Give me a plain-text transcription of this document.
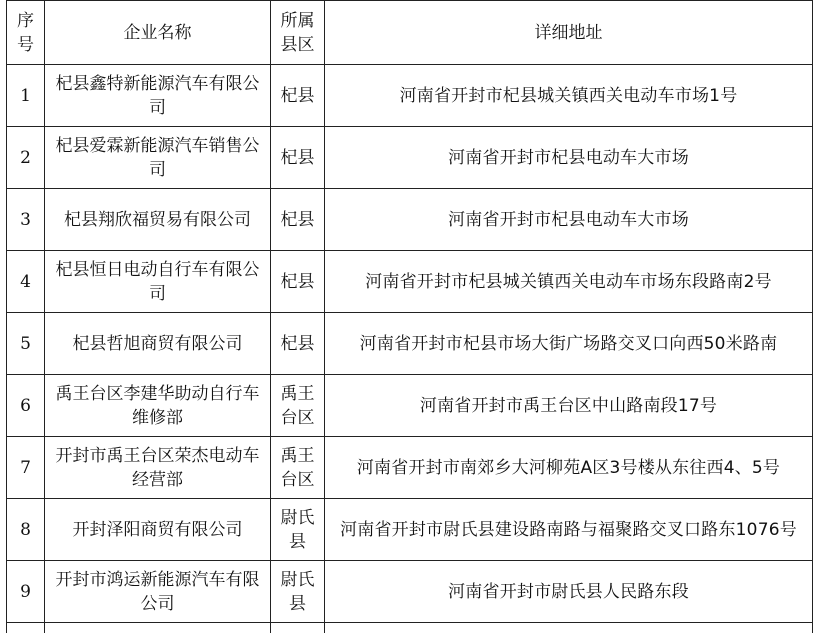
序号	企业名称	所属县区	详细地址
1	杞县鑫特新能源汽车有限公司	杞县	河南省开封市杞县城关镇西关电动车市场1号
2	杞县爱霖新能源汽车销售公司	杞县	河南省开封市杞县电动车大市场
3	杞县翔欣福贸易有限公司	杞县	河南省开封市杞县电动车大市场
4	杞县恒日电动自行车有限公司	杞县	河南省开封市杞县城关镇西关电动车市场东段路南2号
5	杞县哲旭商贸有限公司	杞县	河南省开封市杞县市场大街广场路交叉口向西50米路南
6	禹王台区李建华助动自行车维修部	禹王台区	河南省开封市禹王台区中山路南段17号
7	开封市禹王台区荣杰电动车经营部	禹王台区	河南省开封市南郊乡大河柳苑A区3号楼从东往西4、5号
8	开封泽阳商贸有限公司	尉氏县	河南省开封市尉氏县建设路南路与福聚路交叉口路东1076号
9	开封市鸿运新能源汽车有限公司	尉氏县	河南省开封市尉氏县人民路东段
